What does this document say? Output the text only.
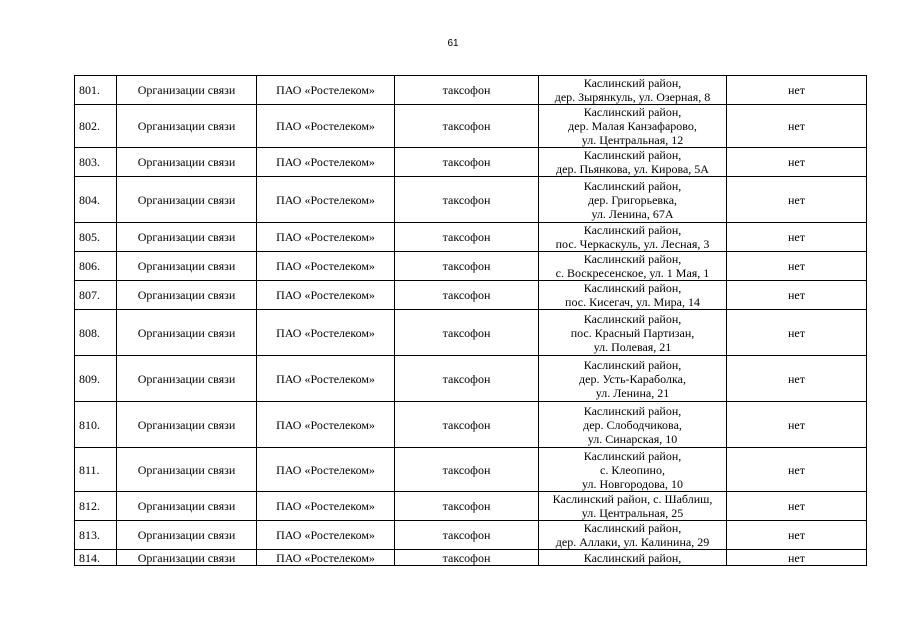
61
801.	Организации связи	ПАО «Ростелеком»	таксофон	Каслинский район,
дер. Зырянкуль, ул. Озерная, 8	нет
802.	Организации связи	ПАО «Ростелеком»	таксофон	Каслинский район,
дер. Малая Канзафарово,
ул. Центральная, 12	нет
803.	Организации связи	ПАО «Ростелеком»	таксофон	Каслинский район,
дер. Пьянкова, ул. Кирова, 5А	нет
804.	Организации связи	ПАО «Ростелеком»	таксофон	Каслинский район,
дер. Григорьевка,
ул. Ленина, 67А	нет
805.	Организации связи	ПАО «Ростелеком»	таксофон	Каслинский район,
пос. Черкаскуль, ул. Лесная, 3	нет
806.	Организации связи	ПАО «Ростелеком»	таксофон	Каслинский район,
с. Воскресенское, ул. 1 Мая, 1	нет
807.	Организации связи	ПАО «Ростелеком»	таксофон	Каслинский район,
пос. Кисегач, ул. Мира, 14	нет
808.	Организации связи	ПАО «Ростелеком»	таксофон	Каслинский район,
пос. Красный Партизан,
ул. Полевая, 21	нет
809.	Организации связи	ПАО «Ростелеком»	таксофон	Каслинский район,
дер. Усть-Караболка,
ул. Ленина, 21	нет
810.	Организации связи	ПАО «Ростелеком»	таксофон	Каслинский район,
дер. Слободчикова,
ул. Синарская, 10	нет
811.	Организации связи	ПАО «Ростелеком»	таксофон	Каслинский район,
с. Клеопино,
ул. Новгородова, 10	нет
812.	Организации связи	ПАО «Ростелеком»	таксофон	Каслинский район, с. Шаблиш,
ул. Центральная, 25	нет
813.	Организации связи	ПАО «Ростелеком»	таксофон	Каслинский район,
дер. Аллаки, ул. Калинина, 29	нет
814.	Организации связи	ПАО «Ростелеком»	таксофон	Каслинский район,	нет
